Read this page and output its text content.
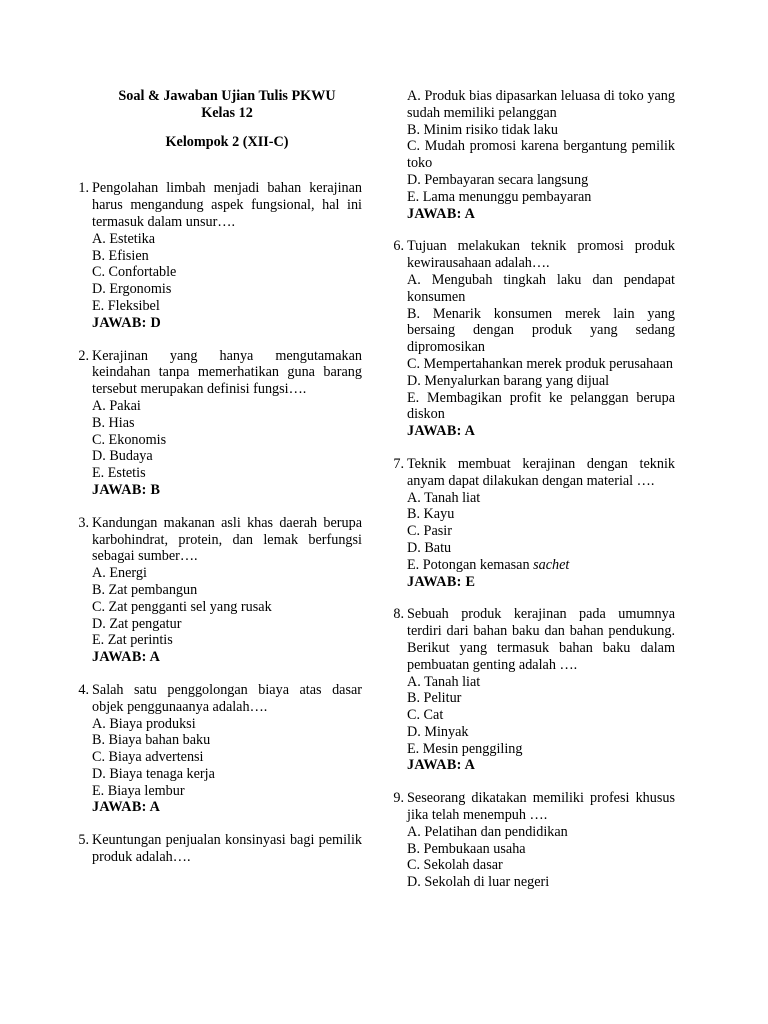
Soal & Jawaban Ujian Tulis PKWU
Kelas 12
Kelompok 2 (XII-C)
1. Pengolahan limbah menjadi bahan kerajinan harus mengandung aspek fungsional, hal ini termasuk dalam unsur….
A. Estetika
B. Efisien
C. Confortable
D. Ergonomis
E. Fleksibel
JAWAB: D
2. Kerajinan yang hanya mengutamakan keindahan tanpa memerhatikan guna barang tersebut merupakan definisi fungsi….
A. Pakai
B. Hias
C. Ekonomis
D. Budaya
E. Estetis
JAWAB: B
3. Kandungan makanan asli khas daerah berupa karbohindrat, protein, dan lemak berfungsi sebagai sumber….
A. Energi
B. Zat pembangun
C. Zat pengganti sel yang rusak
D. Zat pengatur
E. Zat perintis
JAWAB: A
4. Salah satu penggolongan biaya atas dasar objek penggunaanya adalah….
A. Biaya produksi
B. Biaya bahan baku
C. Biaya advertensi
D. Biaya tenaga kerja
E. Biaya lembur
JAWAB: A
5. Keuntungan penjualan konsinyasi bagi pemilik produk adalah….
A. Produk bias dipasarkan leluasa di toko yang sudah memiliki pelanggan
B. Minim risiko tidak laku
C. Mudah promosi karena bergantung pemilik toko
D. Pembayaran secara langsung
E. Lama menunggu pembayaran
JAWAB: A
6. Tujuan melakukan teknik promosi produk kewirausahaan adalah….
A. Mengubah tingkah laku dan pendapat konsumen
B. Menarik konsumen merek lain yang bersaing dengan produk yang sedang dipromosikan
C. Mempertahankan merek produk perusahaan
D. Menyalurkan barang yang dijual
E. Membagikan profit ke pelanggan berupa diskon
JAWAB: A
7. Teknik membuat kerajinan dengan teknik anyam dapat dilakukan dengan material ….
A. Tanah liat
B. Kayu
C. Pasir
D. Batu
E. Potongan kemasan sachet
JAWAB: E
8. Sebuah produk kerajinan pada umumnya terdiri dari bahan baku dan bahan pendukung. Berikut yang termasuk bahan baku dalam pembuatan genting adalah ….
A. Tanah liat
B. Pelitur
C. Cat
D. Minyak
E. Mesin penggiling
JAWAB: A
9. Seseorang dikatakan memiliki profesi khusus jika telah menempuh ….
A. Pelatihan dan pendidikan
B. Pembukaan usaha
C. Sekolah dasar
D. Sekolah di luar negeri
